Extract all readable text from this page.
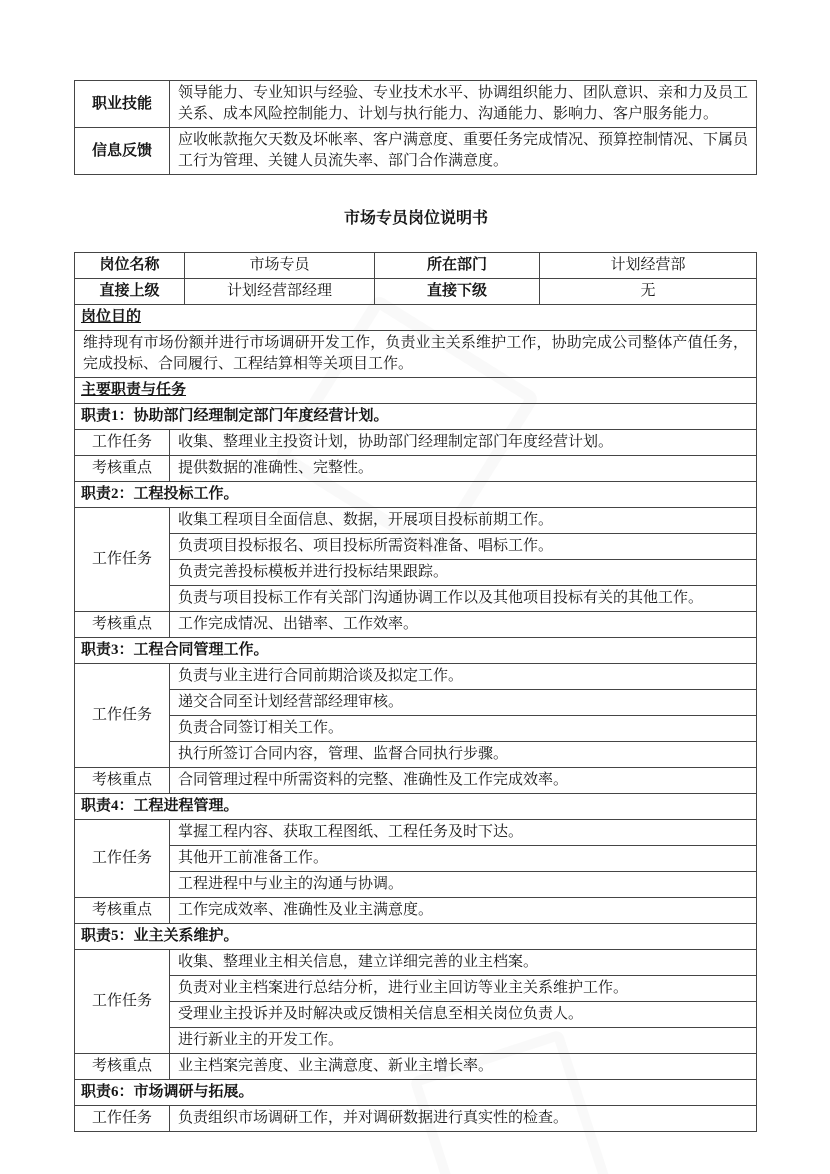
职业技能	领导能力、专业知识与经验、专业技术水平、协调组织能力、团队意识、亲和力及员工关系、成本风险控制能力、计划与执行能力、沟通能力、影响力、客户服务能力。
信息反馈	应收帐款拖欠天数及坏帐率、客户满意度、重要任务完成情况、预算控制情况、下属员工行为管理、关键人员流失率、部门合作满意度。
市场专员岗位说明书
岗位名称	市场专员	所在部门	计划经营部
直接上级	计划经营部经理	直接下级	无
岗位目的	
维持现有市场份额并进行市场调研开发工作，负责业主关系维护工作，协助完成公司整体产值任务，完成投标、合同履行、工程结算相等关项目工作。	
主要职责与任务	
职责1：协助部门经理制定部门年度经营计划。	
工作任务	收集、整理业主投资计划，协助部门经理制定部门年度经营计划。
考核重点	提供数据的准确性、完整性。
职责2：工程投标工作。	
工作任务	收集工程项目全面信息、数据，开展项目投标前期工作。
	负责项目投标报名、项目投标所需资料准备、唱标工作。
	负责完善投标模板并进行投标结果跟踪。
	负责与项目投标工作有关部门沟通协调工作以及其他项目投标有关的其他工作。
考核重点	工作完成情况、出错率、工作效率。
职责3：工程合同管理工作。	
工作任务	负责与业主进行合同前期洽谈及拟定工作。
	递交合同至计划经营部经理审核。
	负责合同签订相关工作。
	执行所签订合同内容，管理、监督合同执行步骤。
考核重点	合同管理过程中所需资料的完整、准确性及工作完成效率。
职责4：工程进程管理。	
工作任务	掌握工程内容、获取工程图纸、工程任务及时下达。
	其他开工前准备工作。
	工程进程中与业主的沟通与协调。
考核重点	工作完成效率、准确性及业主满意度。
职责5：业主关系维护。	
工作任务	收集、整理业主相关信息，建立详细完善的业主档案。
	负责对业主档案进行总结分析，进行业主回访等业主关系维护工作。
	受理业主投诉并及时解决或反馈相关信息至相关岗位负责人。
	进行新业主的开发工作。
考核重点	业主档案完善度、业主满意度、新业主增长率。
职责6：市场调研与拓展。	
工作任务	负责组织市场调研工作，并对调研数据进行真实性的检查。
